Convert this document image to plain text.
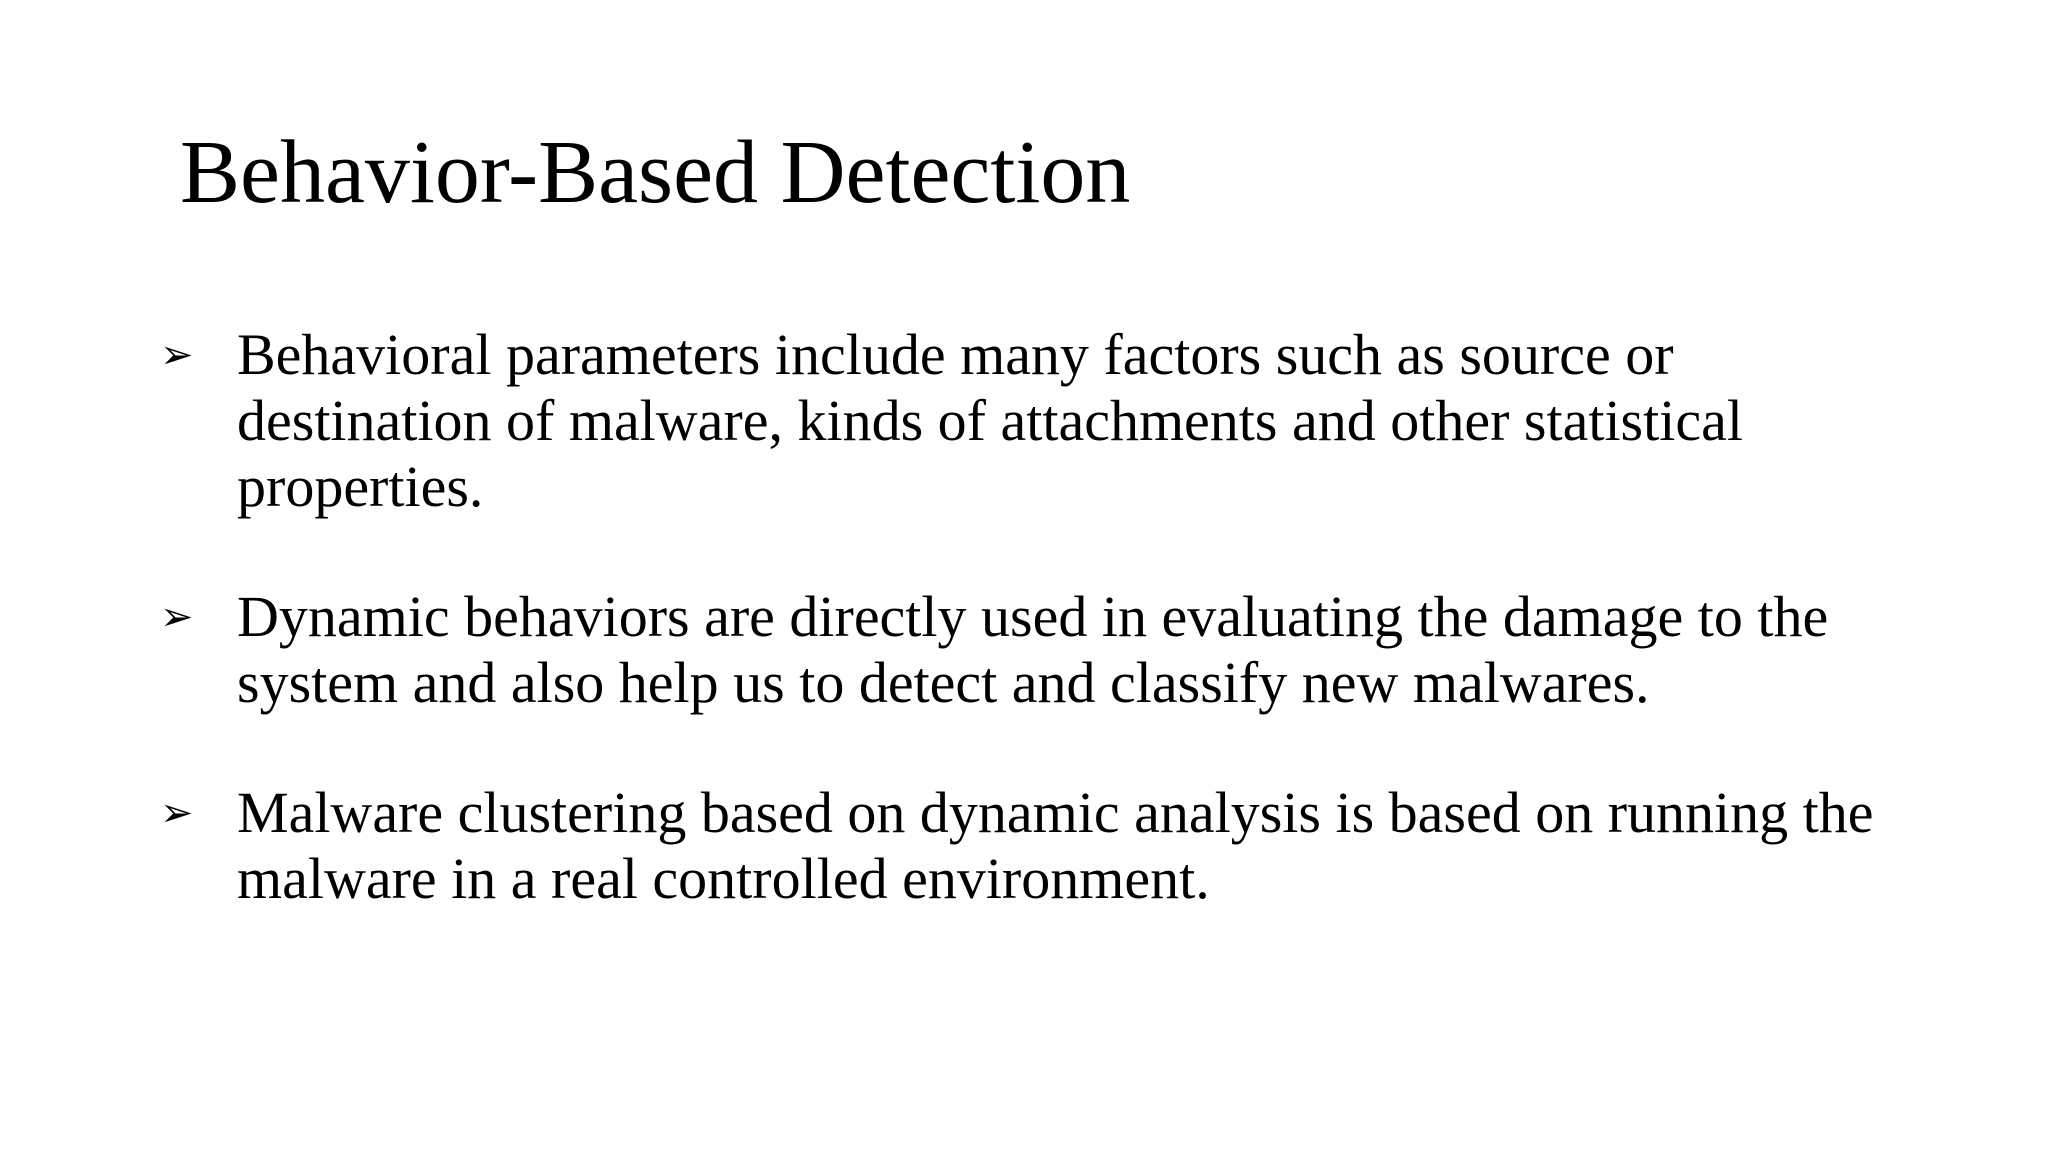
Behavior-Based Detection
➢ Behavioral parameters include many factors such as source or destination of malware, kinds of attachments and other statistical properties.
➢ Dynamic behaviors are directly used in evaluating the damage to the system and also help us to detect and classify new malwares.
➢ Malware clustering based on dynamic analysis is based on running the malware in a real controlled environment.
